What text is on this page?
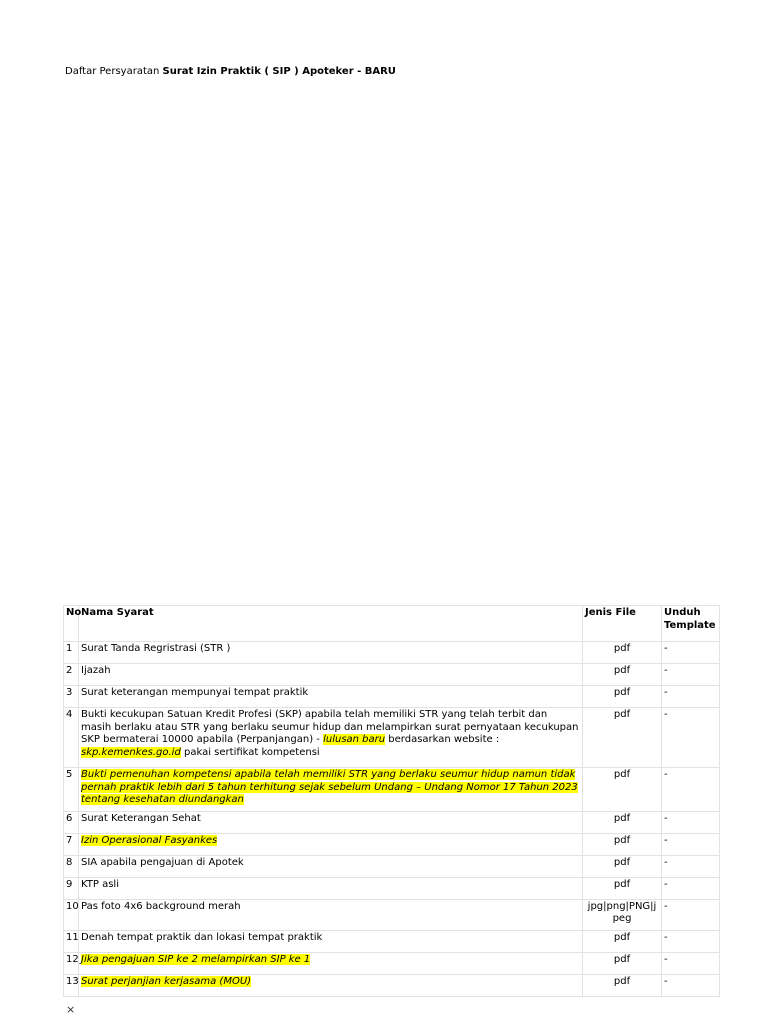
Daftar Persyaratan Surat Izin Praktik ( SIP ) Apoteker - BARU
No	Nama Syarat	Jenis File	Unduh Template
1	Surat Tanda Regristrasi (STR )	pdf	-
2	Ijazah	pdf	-
3	Surat keterangan mempunyai tempat praktik	pdf	-
4	Bukti kecukupan Satuan Kredit Profesi (SKP) apabila telah memiliki STR yang telah terbit dan masih berlaku atau STR yang berlaku seumur hidup dan melampirkan surat pernyataan kecukupan SKP bermaterai 10000 apabila (Perpanjangan) - lulusan baru berdasarkan website : skp.kemenkes.go.id pakai sertifikat kompetensi	pdf	-
5	Bukti pemenuhan kompetensi apabila telah memiliki STR yang berlaku seumur hidup namun tidak pernah praktik lebih dari 5 tahun terhitung sejak sebelum Undang – Undang Nomor 17 Tahun 2023 tentang kesehatan diundangkan	pdf	-
6	Surat Keterangan Sehat	pdf	-
7	Izin Operasional Fasyankes	pdf	-
8	SIA apabila pengajuan di Apotek	pdf	-
9	KTP asli	pdf	-
10	Pas foto 4x6 background merah	jpg|png|PNG|jpeg	-
11	Denah tempat praktik dan lokasi tempat praktik	pdf	-
12	Jika pengajuan SIP ke 2 melampirkan SIP ke 1	pdf	-
13	Surat perjanjian kerjasama (MOU)	pdf	-
×
